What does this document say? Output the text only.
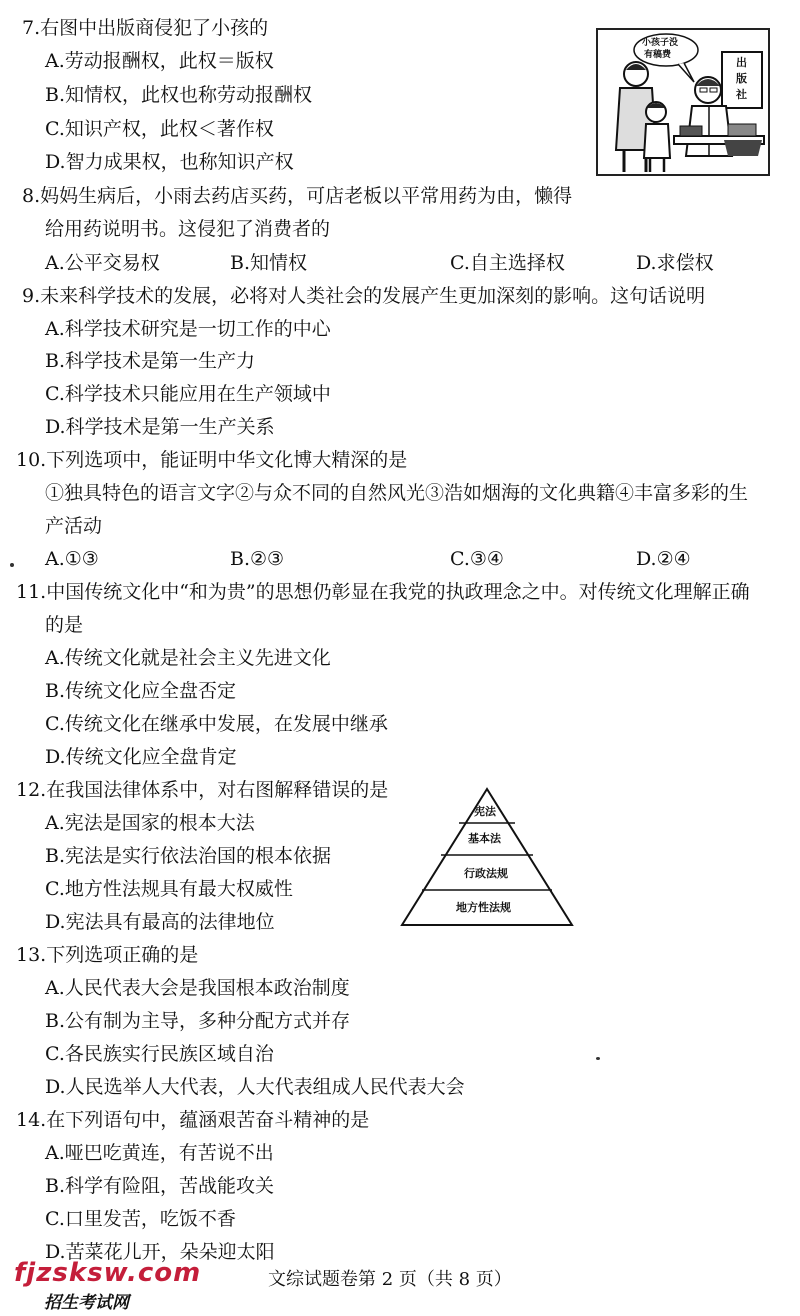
7.右图中出版商侵犯了小孩的
A.劳动报酬权，此权＝版权
B.知情权，此权也称劳动报酬权
C.知识产权，此权＜著作权
D.智力成果权，也称知识产权
小孩子没
有稿费
出
版
社
8.妈妈生病后，小雨去药店买药，可店老板以平常用药为由，懒得
给用药说明书。这侵犯了消费者的
A.公平交易权	B.知情权	C.自主选择权	D.求偿权
9.未来科学技术的发展，必将对人类社会的发展产生更加深刻的影响。这句话说明
A.科学技术研究是一切工作的中心
B.科学技术是第一生产力
C.科学技术只能应用在生产领域中
D.科学技术是第一生产关系
10.下列选项中，能证明中华文化博大精深的是
①独具特色的语言文字②与众不同的自然风光③浩如烟海的文化典籍④丰富多彩的生
产活动
A.①③	B.②③	C.③④	D.②④
11.中国传统文化中“和为贵”的思想仍彰显在我党的执政理念之中。对传统文化理解正确
的是
A.传统文化就是社会主义先进文化
B.传统文化应全盘否定
C.传统文化在继承中发展，在发展中继承
D.传统文化应全盘肯定
12.在我国法律体系中，对右图解释错误的是
A.宪法是国家的根本大法
B.宪法是实行依法治国的根本依据
C.地方性法规具有最大权威性
D.宪法具有最高的法律地位
宪法
基本法
行政法规
地方性法规
13.下列选项正确的是
A.人民代表大会是我国根本政治制度
B.公有制为主导，多种分配方式并存
C.各民族实行民族区域自治
D.人民选举人大代表，人大代表组成人民代表大会
14.在下列语句中，蕴涵艰苦奋斗精神的是
A.哑巴吃黄连，有苦说不出
B.科学有险阻，苦战能攻关
C.口里发苦，吃饭不香
D.苦菜花儿开，朵朵迎太阳
fjzsksw.com
招生考试网
文综试题卷第 2 页（共 8 页）
